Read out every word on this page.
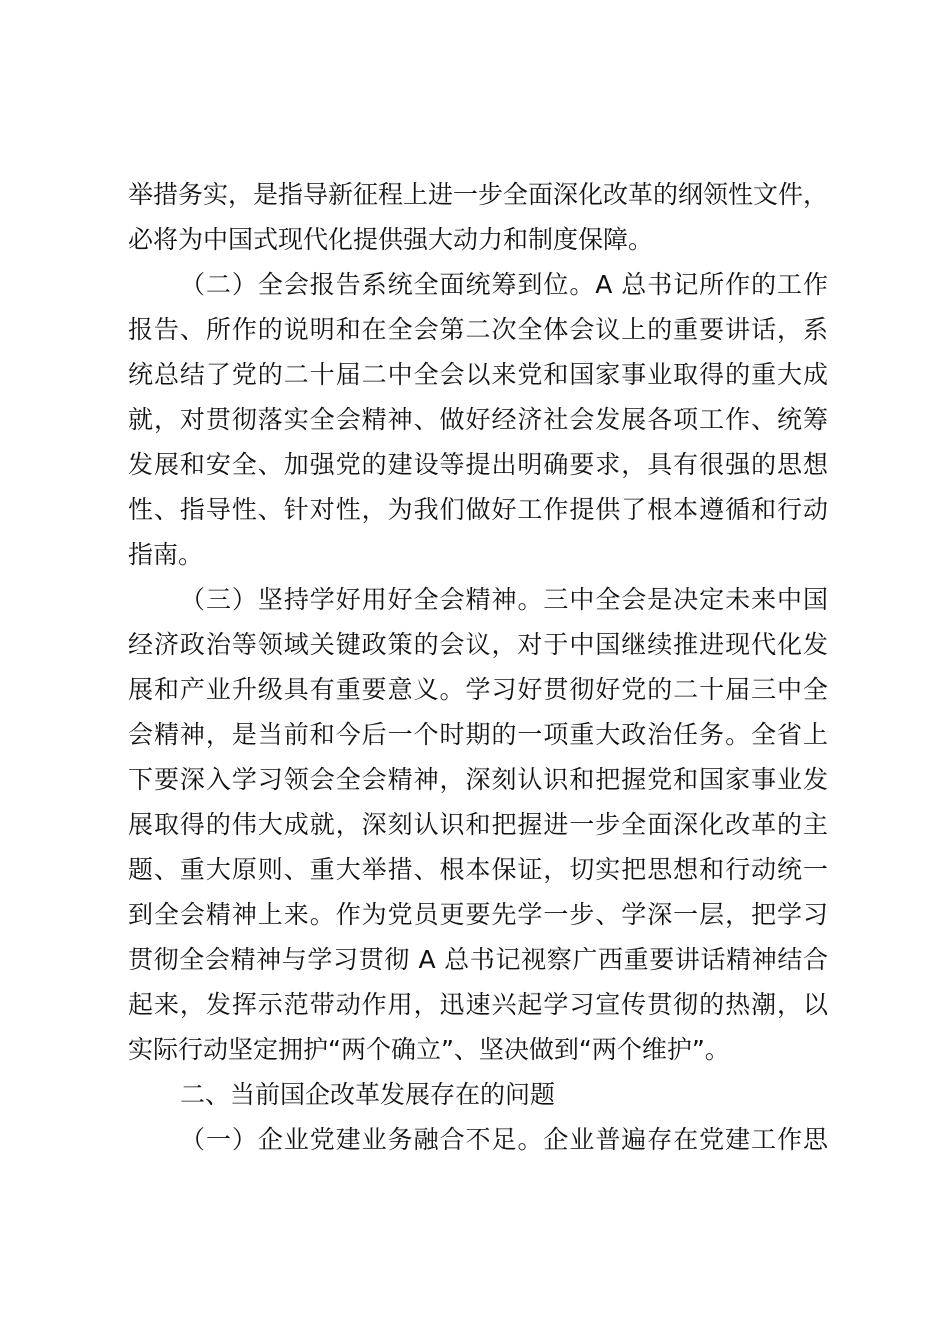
举措务实，是指导新征程上进一步全面深化改革的纲领性文件，
必将为中国式现代化提供强大动力和制度保障。
（二）全会报告系统全面统筹到位。A 总书记所作的工作
报告、所作的说明和在全会第二次全体会议上的重要讲话，系
统总结了党的二十届二中全会以来党和国家事业取得的重大成
就，对贯彻落实全会精神、做好经济社会发展各项工作、统筹
发展和安全、加强党的建设等提出明确要求，具有很强的思想
性、指导性、针对性，为我们做好工作提供了根本遵循和行动
指南。
（三）坚持学好用好全会精神。三中全会是决定未来中国
经济政治等领域关键政策的会议，对于中国继续推进现代化发
展和产业升级具有重要意义。学习好贯彻好党的二十届三中全
会精神，是当前和今后一个时期的一项重大政治任务。全省上
下要深入学习领会全会精神，深刻认识和把握党和国家事业发
展取得的伟大成就，深刻认识和把握进一步全面深化改革的主
题、重大原则、重大举措、根本保证，切实把思想和行动统一
到全会精神上来。作为党员更要先学一步、学深一层，把学习
贯彻全会精神与学习贯彻 A 总书记视察广西重要讲话精神结合
起来，发挥示范带动作用，迅速兴起学习宣传贯彻的热潮，以
实际行动坚定拥护“两个确立”、坚决做到“两个维护”。
二、当前国企改革发展存在的问题
（一）企业党建业务融合不足。企业普遍存在党建工作思
